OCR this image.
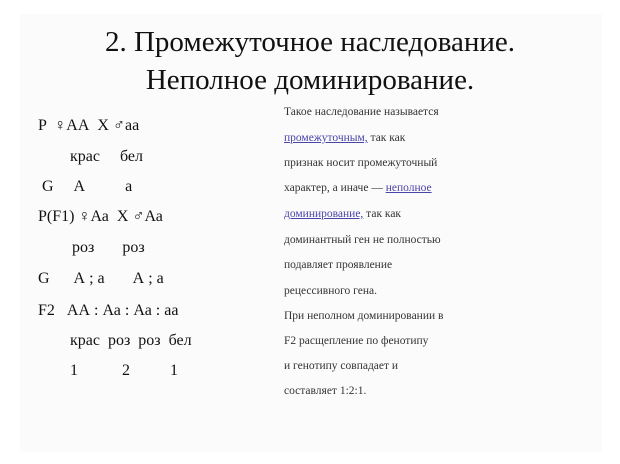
2. Промежуточное наследование.
Неполное доминирование.
P  ♀АА  Х ♂аа
крас     бел
G     А          а
P(F1) ♀Аа  Х ♂Аа
роз       роз
G      А ; а       А ; а
F2   АА : Аа : Аа : аа
крас  роз  роз  бел
1           2          1
Такое наследование называется
промежуточным, так как
признак носит промежуточный
характер, а иначе — неполное
доминирование, так как
доминантный ген не полностью
подавляет проявление
рецессивного гена.
При неполном доминировании в
F2 расщепление по фенотипу
и генотипу совпадает и
составляет 1:2:1.
